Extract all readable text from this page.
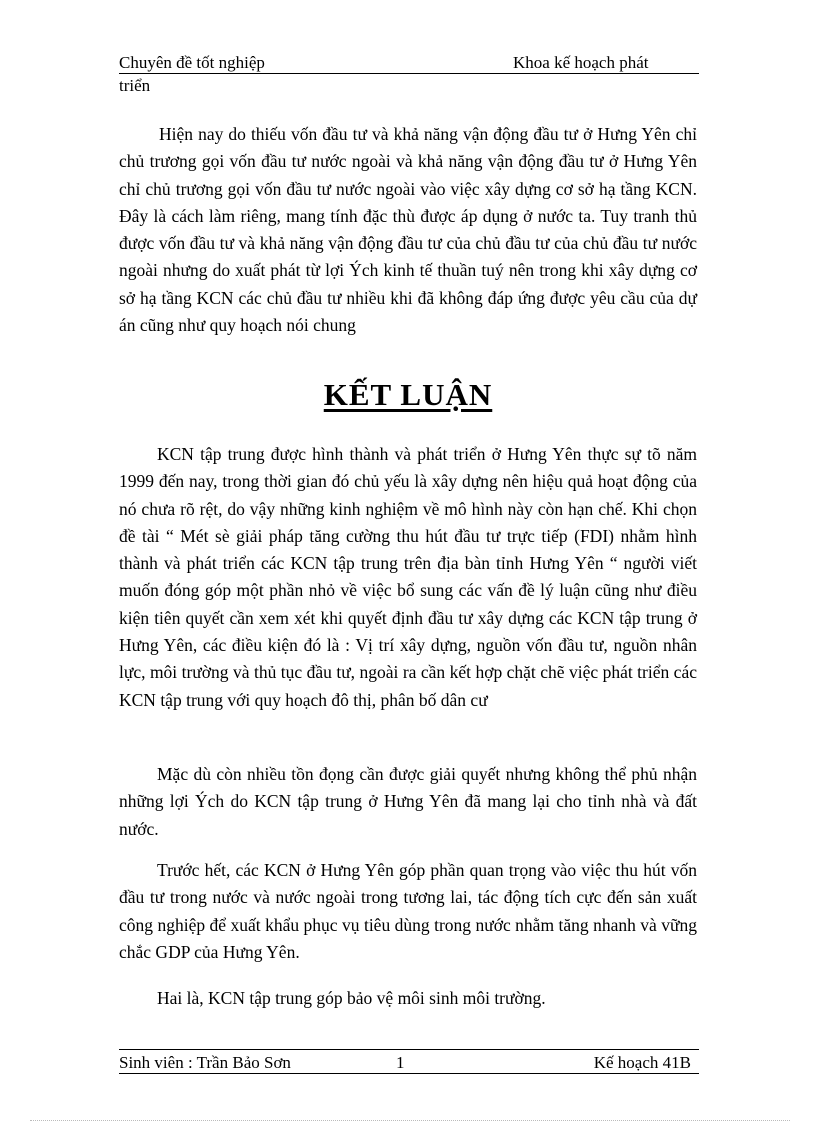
Chuyên đề tốt nghiệp	Khoa kế hoạch phát
triển

Hiện nay do thiếu vốn đầu tư và khả năng vận động đầu tư ở Hưng Yên chỉ chủ trương gọi vốn đầu tư nước ngoài và khả năng vận động đầu tư ở Hưng Yên chỉ chủ trương gọi vốn đầu tư nước ngoài vào việc xây dựng cơ sở hạ tầng KCN. Đây là cách làm riêng, mang tính đặc thù được áp dụng ở nước ta. Tuy tranh thủ được vốn đầu tư và khả năng vận động đầu tư của chủ đầu tư của chủ đầu tư nước ngoài nhưng do xuất phát từ lợi Ých kinh tế thuần tuý nên trong khi xây dựng cơ sở hạ tầng KCN các chủ đầu tư nhiều khi đã không đáp ứng được yêu cầu của dự án cũng như quy hoạch nói chung

KẾT LUẬN

KCN tập trung được hình thành và phát triển ở Hưng Yên thực sự tõ năm 1999 đến nay, trong thời gian đó chủ yếu là xây dựng nên hiệu quả hoạt động của nó chưa rõ rệt, do vậy những kinh nghiệm về mô hình này còn hạn chế. Khi chọn đề tài “ Mét sè giải pháp tăng cường thu hút đầu tư trực tiếp (FDI) nhằm hình thành và phát triển các KCN tập trung trên địa bàn tỉnh Hưng Yên “ người viết muốn đóng góp một phần nhỏ về việc bổ sung các vấn đề lý luận cũng như điều kiện tiên quyết cần xem xét khi quyết định đầu tư xây dựng các KCN tập trung ở Hưng Yên, các điều kiện đó là : Vị trí xây dựng, nguồn vốn đầu tư, nguồn nhân lực, môi trường và thủ tục đầu tư, ngoài ra cần kết hợp chặt chẽ việc phát triển các KCN tập trung với quy hoạch đô thị, phân bố dân cư

Mặc dù còn nhiều tồn đọng cần được giải quyết nhưng không thể phủ nhận những lợi Ých do KCN tập trung ở Hưng Yên đã mang lại cho tỉnh nhà và đất nước.

Trước hết, các KCN ở Hưng Yên góp phần quan trọng vào việc thu hút vốn đầu tư trong nước và nước ngoài trong tương lai, tác động tích cực đến sản xuất công nghiệp để xuất khẩu phục vụ tiêu dùng trong nước nhằm tăng nhanh và vững chắc GDP của Hưng Yên.

Hai là, KCN tập trung góp bảo vệ môi sinh môi trường.

Sinh viên : Trần Bảo Sơn	1	Kế hoạch 41B
